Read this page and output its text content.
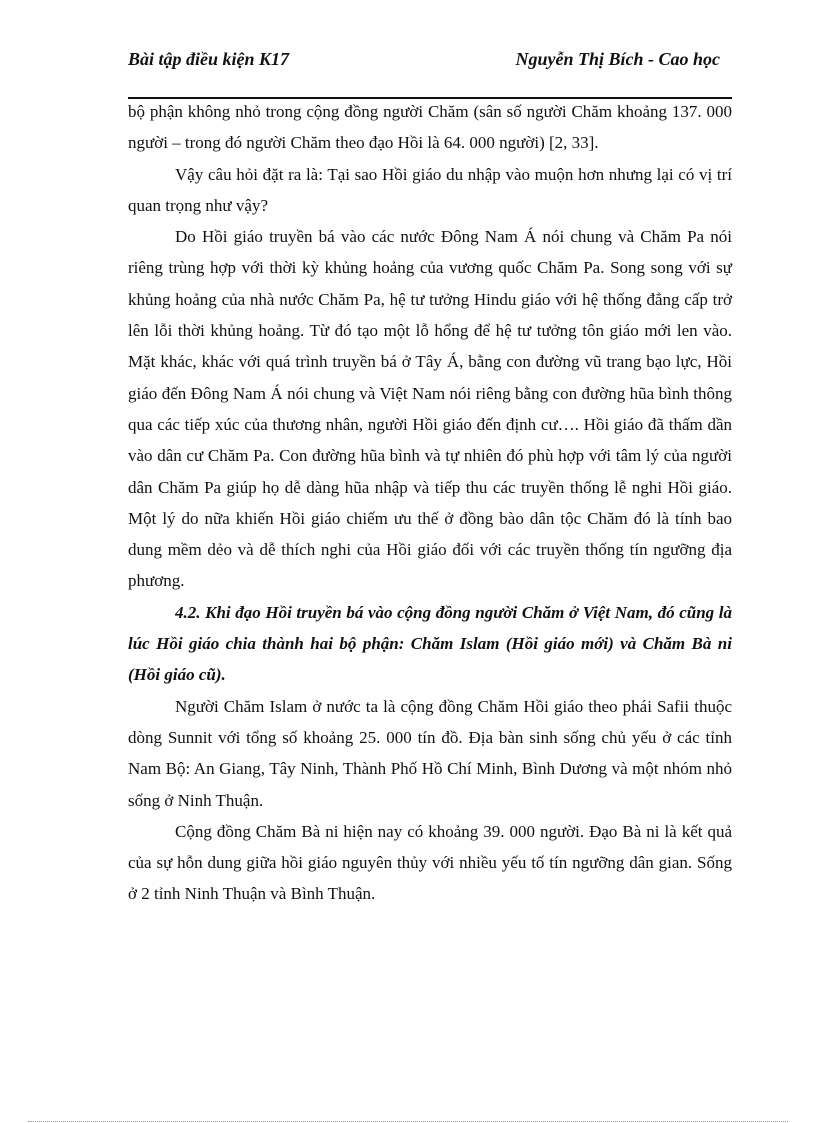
Bài tập điều kiện K17	Nguyễn Thị Bích - Cao học

bộ phận không nhỏ trong cộng đồng người Chăm (sân số người Chăm khoảng 137. 000 người – trong đó người Chăm theo đạo Hồi là 64. 000 người) [2, 33].

Vậy câu hỏi đặt ra là: Tại sao Hồi giáo du nhập vào muộn hơn nhưng lại có vị trí quan trọng như vậy?

Do Hồi giáo truyền bá vào các nước Đông Nam Á nói chung và Chăm Pa nói riêng trùng hợp với thời kỳ khủng hoảng của vương quốc Chăm Pa. Song song với sự khủng hoảng của nhà nước Chăm Pa, hệ tư tưởng Hindu giáo với hệ thống đẳng cấp trở lên lỗi thời khủng hoảng. Từ đó tạo một lỗ hổng để hệ tư tưởng tôn giáo mới len vào. Mặt khác, khác với quá trình truyền bá ở Tây Á, bằng con đường vũ trang bạo lực, Hồi giáo đến Đông Nam Á nói chung và Việt Nam nói riêng bằng con đường hũa bình thông qua các tiếp xúc của thương nhân, người Hồi giáo đến định cư…. Hồi giáo đã thấm dần vào dân cư Chăm Pa. Con đường hũa bình và tự nhiên đó phù hợp với tâm lý của người dân Chăm Pa giúp họ dễ dàng hũa nhập và tiếp thu các truyền thống lễ nghi Hồi giáo. Một lý do nữa khiến Hồi giáo chiếm ưu thế ở đồng bào dân tộc Chăm đó là tính bao dung mềm dẻo và dễ thích nghi của Hồi giáo đối với các truyền thống tín ngưỡng địa phương.

4.2. Khi đạo Hồi truyền bá vào cộng đồng người Chăm ở Việt Nam, đó cũng là lúc Hồi giáo chia thành hai bộ phận: Chăm Islam (Hồi giáo mới) và Chăm Bà ni (Hồi giáo cũ).

Người Chăm Islam ở nước ta là cộng đồng Chăm Hồi giáo theo phái Safii thuộc dòng Sunnit với tổng số khoảng 25. 000 tín đồ. Địa bàn sinh sống chủ yếu ở các tỉnh Nam Bộ: An Giang, Tây Ninh, Thành Phố Hồ Chí Minh, Bình Dương và một nhóm nhỏ sống ở Ninh Thuận.

Cộng đồng Chăm Bà ni hiện nay có khoảng 39. 000 người. Đạo Bà ni là kết quả của sự hỗn dung giữa hồi giáo nguyên thủy với nhiều yếu tố tín ngưỡng dân gian. Sống ở 2 tỉnh Ninh Thuận và Bình Thuận.
